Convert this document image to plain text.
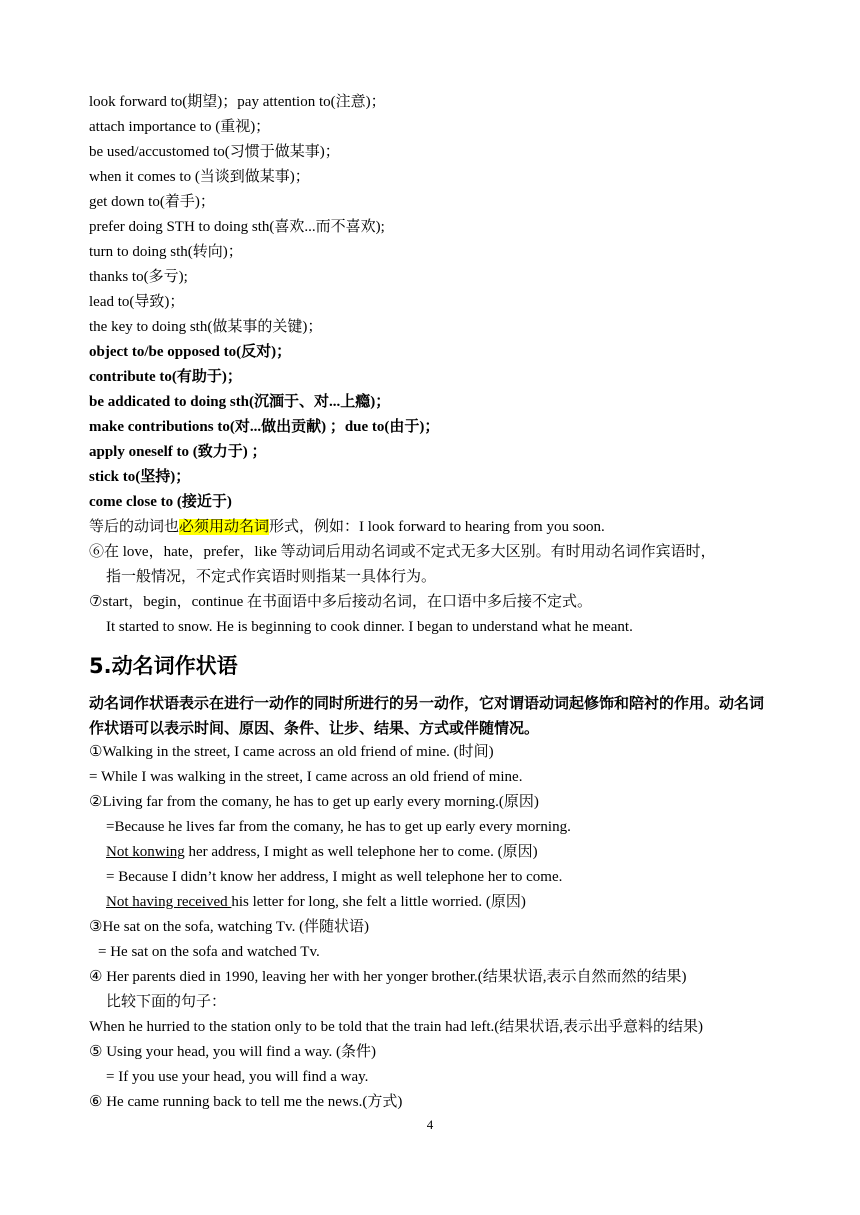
look forward to(期望)；pay attention to(注意)；
attach importance to (重视)；
be used/accustomed to(习惯于做某事)；
when it comes to (当谈到做某事)；
get down to(着手)；
prefer doing STH to doing sth(喜欢...而不喜欢);
turn to doing sth(转向)；
thanks to(多亏);
lead to(导致)；
the key to doing sth(做某事的关键)；
object to/be opposed to(反对)；
contribute to(有助于)；
be addicated to doing sth(沉湎于、对...上瘾)；
make contributions to(对...做出贡献) ；due to(由于)；
apply oneself to (致力于) ；
stick to(坚持)；
come close to (接近于)
等后的动词也必须用动名词形式，例如：I look forward to hearing from you soon.
⑥在 love，hate，prefer，like 等动词后用动名词或不定式无多大区别。有时用动名词作宾语时，
指一般情况，不定式作宾语时则指某一具体行为。
⑦start，begin，continue 在书面语中多后接动名词，在口语中多后接不定式。
It started to snow. He is beginning to cook dinner. I began to understand what he meant.
5.动名词作状语
动名词作状语表示在进行一动作的同时所进行的另一动作，它对谓语动词起修饰和陪衬的作用。动名词作状语可以表示时间、原因、条件、让步、结果、方式或伴随情况。
①Walking in the street, I came across an old friend of mine. (时间)
= While I was walking in the street, I came across an old friend of mine.
②Living far from the comany, he has to get up early every morning.(原因)
=Because he lives far from the comany, he has to get up early every morning.
Not konwing her address, I might as well telephone her to come. (原因)
= Because I didn’t know her address, I might as well telephone her to come.
Not having received his letter for long, she felt a little worried. (原因)
③He sat on the sofa, watching Tv. (伴随状语)
= He sat on the sofa and watched Tv.
④ Her parents died in 1990, leaving her with her yonger brother.(结果状语,表示自然而然的结果)
比较下面的句子：
When he hurried to the station only to be told that the train had left.(结果状语,表示出乎意料的结果)
⑤ Using your head, you will find a way. (条件)
= If you use your head, you will find a way.
⑥ He came running back to tell me the news.(方式)
4
